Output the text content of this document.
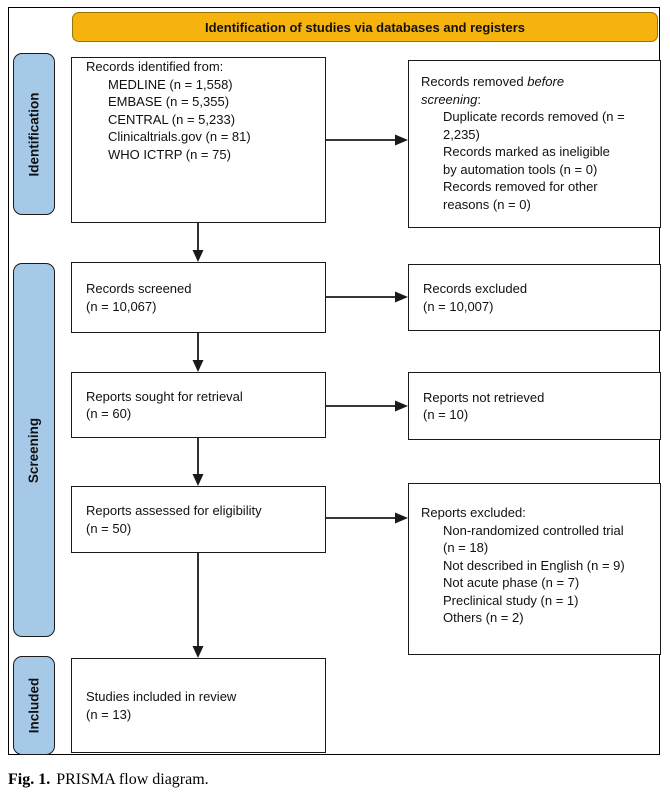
Identification of studies via databases and registers
Identification
Screening
Included
Records identified from:
MEDLINE (n = 1,558)
EMBASE (n = 5,355)
CENTRAL (n = 5,233)
Clinicaltrials.gov (n = 81)
WHO ICTRP (n = 75)
Records removed before screening:
Duplicate records removed (n = 2,235)
Records marked as ineligible by automation tools (n = 0)
Records removed for other reasons (n = 0)
Records screened
(n = 10,067)
Records excluded
(n = 10,007)
Reports sought for retrieval
(n = 60)
Reports not retrieved
(n = 10)
Reports assessed for eligibility
(n = 50)
Reports excluded:
Non-randomized controlled trial (n = 18)
Not described in English (n = 9)
Not acute phase (n = 7)
Preclinical study (n = 1)
Others (n = 2)
Studies included in review
(n = 13)
Fig. 1. PRISMA flow diagram.
